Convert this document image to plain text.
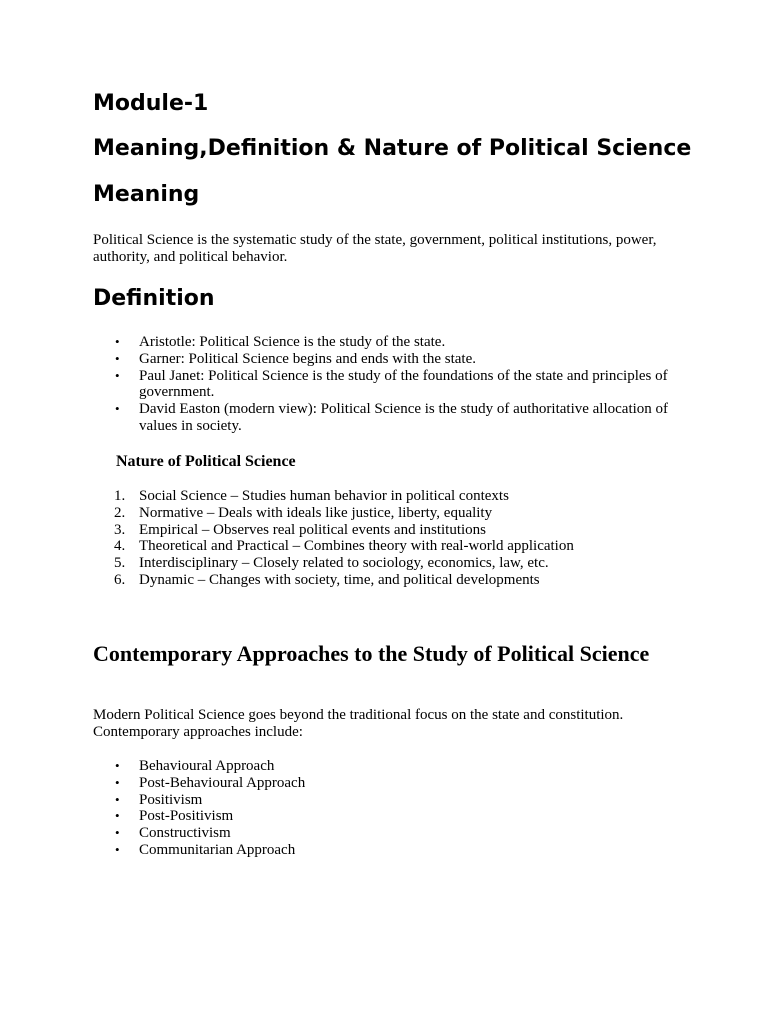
Module-1
Meaning,Definition & Nature of Political Science
Meaning

Political Science is the systematic study of the state, government, political institutions, power, authority, and political behavior.

Definition
• Aristotle: Political Science is the study of the state.
• Garner: Political Science begins and ends with the state.
• Paul Janet: Political Science is the study of the foundations of the state and principles of government.
• David Easton (modern view): Political Science is the study of authoritative allocation of values in society.
Nature of Political Science
1. Social Science – Studies human behavior in political contexts
2. Normative – Deals with ideals like justice, liberty, equality
3. Empirical – Observes real political events and institutions
4. Theoretical and Practical – Combines theory with real-world application
5. Interdisciplinary – Closely related to sociology, economics, law, etc.
6. Dynamic – Changes with society, time, and political developments
Contemporary Approaches to the Study of Political Science

Modern Political Science goes beyond the traditional focus on the state and constitution. Contemporary approaches include:

• Behavioural Approach
• Post-Behavioural Approach
• Positivism
• Post-Positivism
• Constructivism
• Communitarian Approach
